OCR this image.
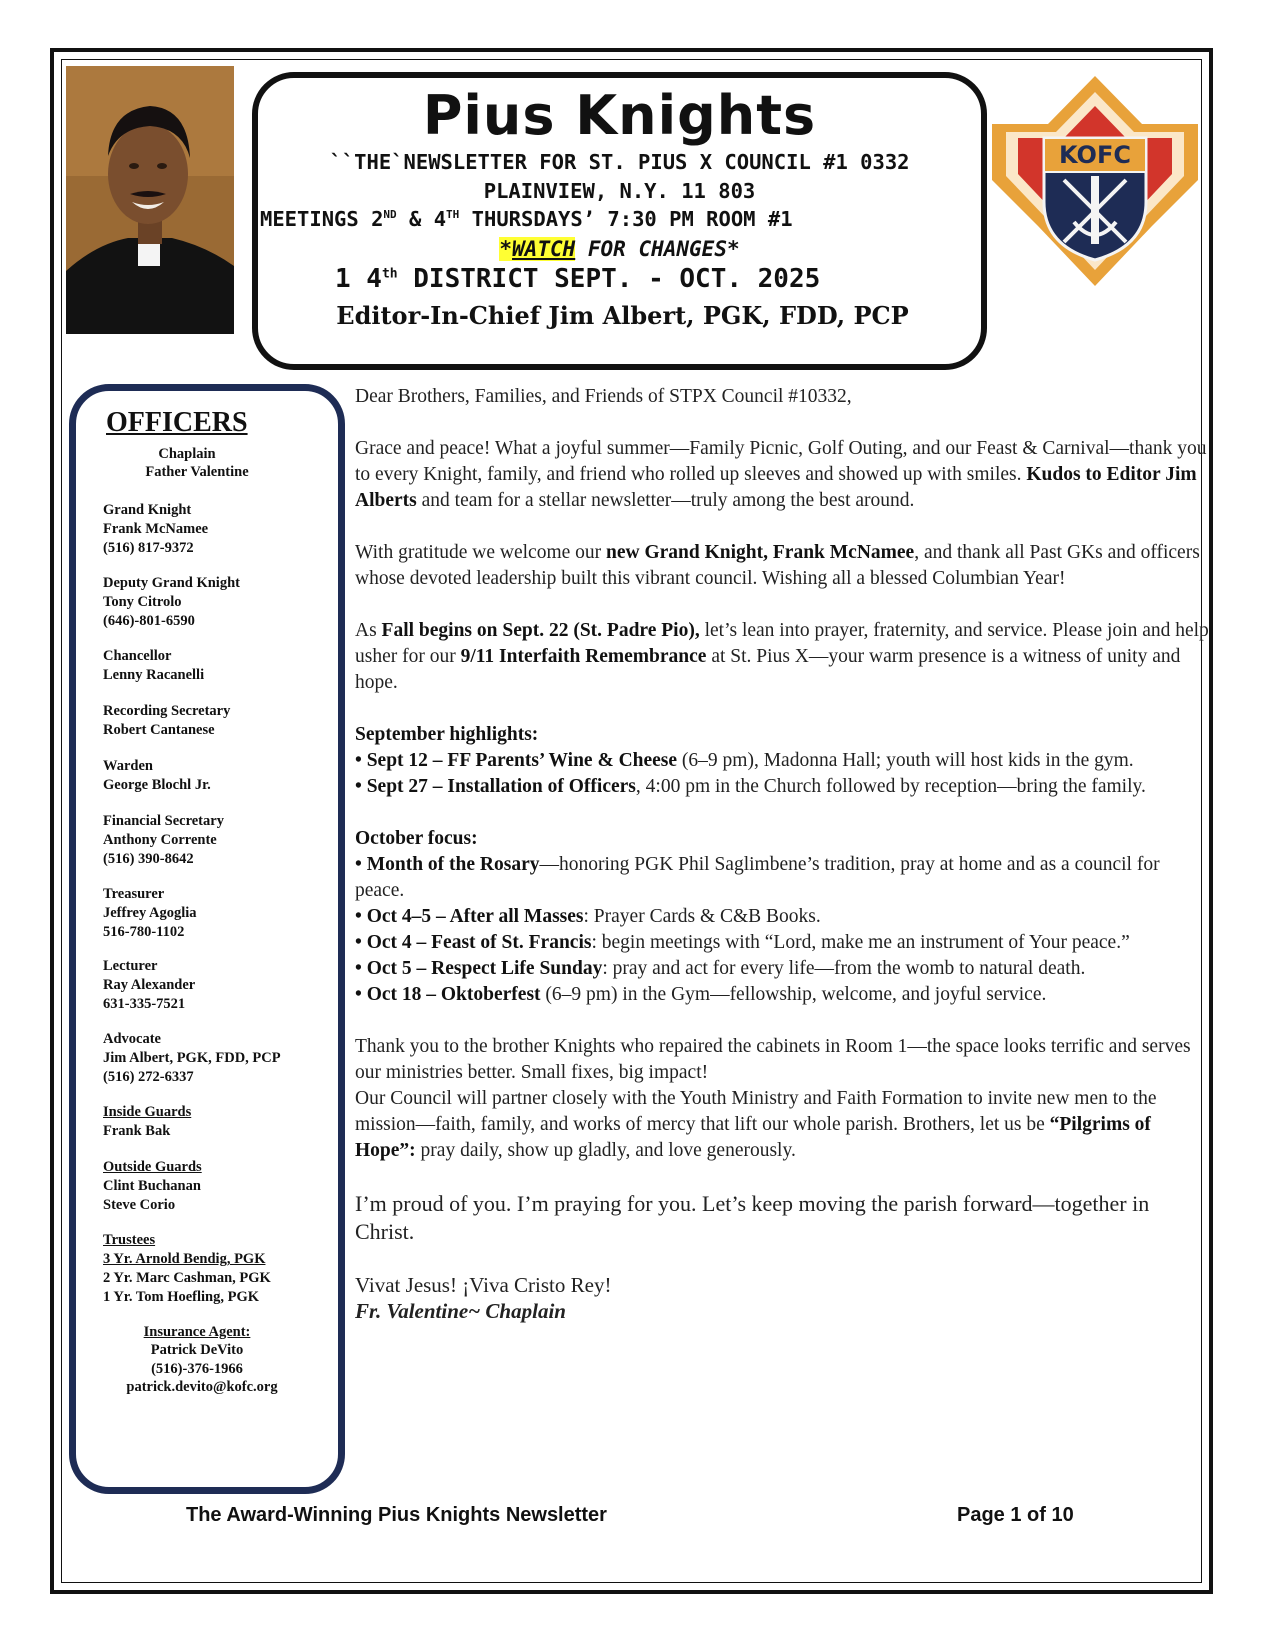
Pius Knights
``THE`NEWSLETTER FOR ST. PIUS X COUNCIL #1 0332
PLAINVIEW, N.Y. 11 803
MEETINGS 2ND & 4TH THURSDAYS’ 7:30 PM ROOM #1
*WATCH FOR CHANGES*
1 4th DISTRICT SEPT. - OCT. 2025
Editor-In-Chief Jim Albert, PGK, FDD, PCP
KOFC
OFFICERS
Chaplain
Father Valentine
Grand Knight
Frank McNamee
(516) 817-9372
Deputy Grand Knight
Tony Citrolo
(646)-801-6590
Chancellor
Lenny Racanelli
Recording Secretary
Robert Cantanese
Warden
George Blochl Jr.
Financial Secretary
Anthony Corrente
(516) 390-8642
Treasurer
Jeffrey Agoglia
516-780-1102
Lecturer
Ray Alexander
631-335-7521
Advocate
Jim Albert, PGK, FDD, PCP
(516) 272-6337
Inside Guards
Frank Bak
Outside Guards
Clint Buchanan
Steve Corio
Trustees
3 Yr. Arnold Bendig, PGK
2 Yr. Marc Cashman, PGK
1 Yr. Tom Hoefling, PGK
Insurance Agent:
Patrick DeVito
(516)-376-1966
patrick.devito@kofc.org

Dear Brothers, Families, and Friends of STPX Council #10332,

Grace and peace! What a joyful summer—Family Picnic, Golf Outing, and our Feast & Carnival—thank you to every Knight, family, and friend who rolled up sleeves and showed up with smiles. Kudos to Editor Jim Alberts and team for a stellar newsletter—truly among the best around.

With gratitude we welcome our new Grand Knight, Frank McNamee, and thank all Past GKs and officers whose devoted leadership built this vibrant council. Wishing all a blessed Columbian Year!

As Fall begins on Sept. 22 (St. Padre Pio), let’s lean into prayer, fraternity, and service. Please join and help usher for our 9/11 Interfaith Remembrance at St. Pius X—your warm presence is a witness of unity and hope.

September highlights:

• Sept 12 – FF Parents’ Wine & Cheese (6–9 pm), Madonna Hall; youth will host kids in the gym.

• Sept 27 – Installation of Officers, 4:00 pm in the Church followed by reception—bring the family.

October focus:

• Month of the Rosary—honoring PGK Phil Saglimbene’s tradition, pray at home and as a council for peace.

• Oct 4–5 – After all Masses: Prayer Cards & C&B Books.

• Oct 4 – Feast of St. Francis: begin meetings with “Lord, make me an instrument of Your peace.”

• Oct 5 – Respect Life Sunday: pray and act for every life—from the womb to natural death.

• Oct 18 – Oktoberfest (6–9 pm) in the Gym—fellowship, welcome, and joyful service.

Thank you to the brother Knights who repaired the cabinets in Room 1—the space looks terrific and serves our ministries better. Small fixes, big impact!

Our Council will partner closely with the Youth Ministry and Faith Formation to invite new men to the mission—faith, family, and works of mercy that lift our whole parish. Brothers, let us be “Pilgrims of Hope”: pray daily, show up gladly, and love generously.

I’m proud of you. I’m praying for you. Let’s keep moving the parish forward—together in Christ.

Vivat Jesus! ¡Viva Cristo Rey!

Fr. Valentine~ Chaplain

The Award-Winning Pius Knights Newsletter	Page 1 of 10
